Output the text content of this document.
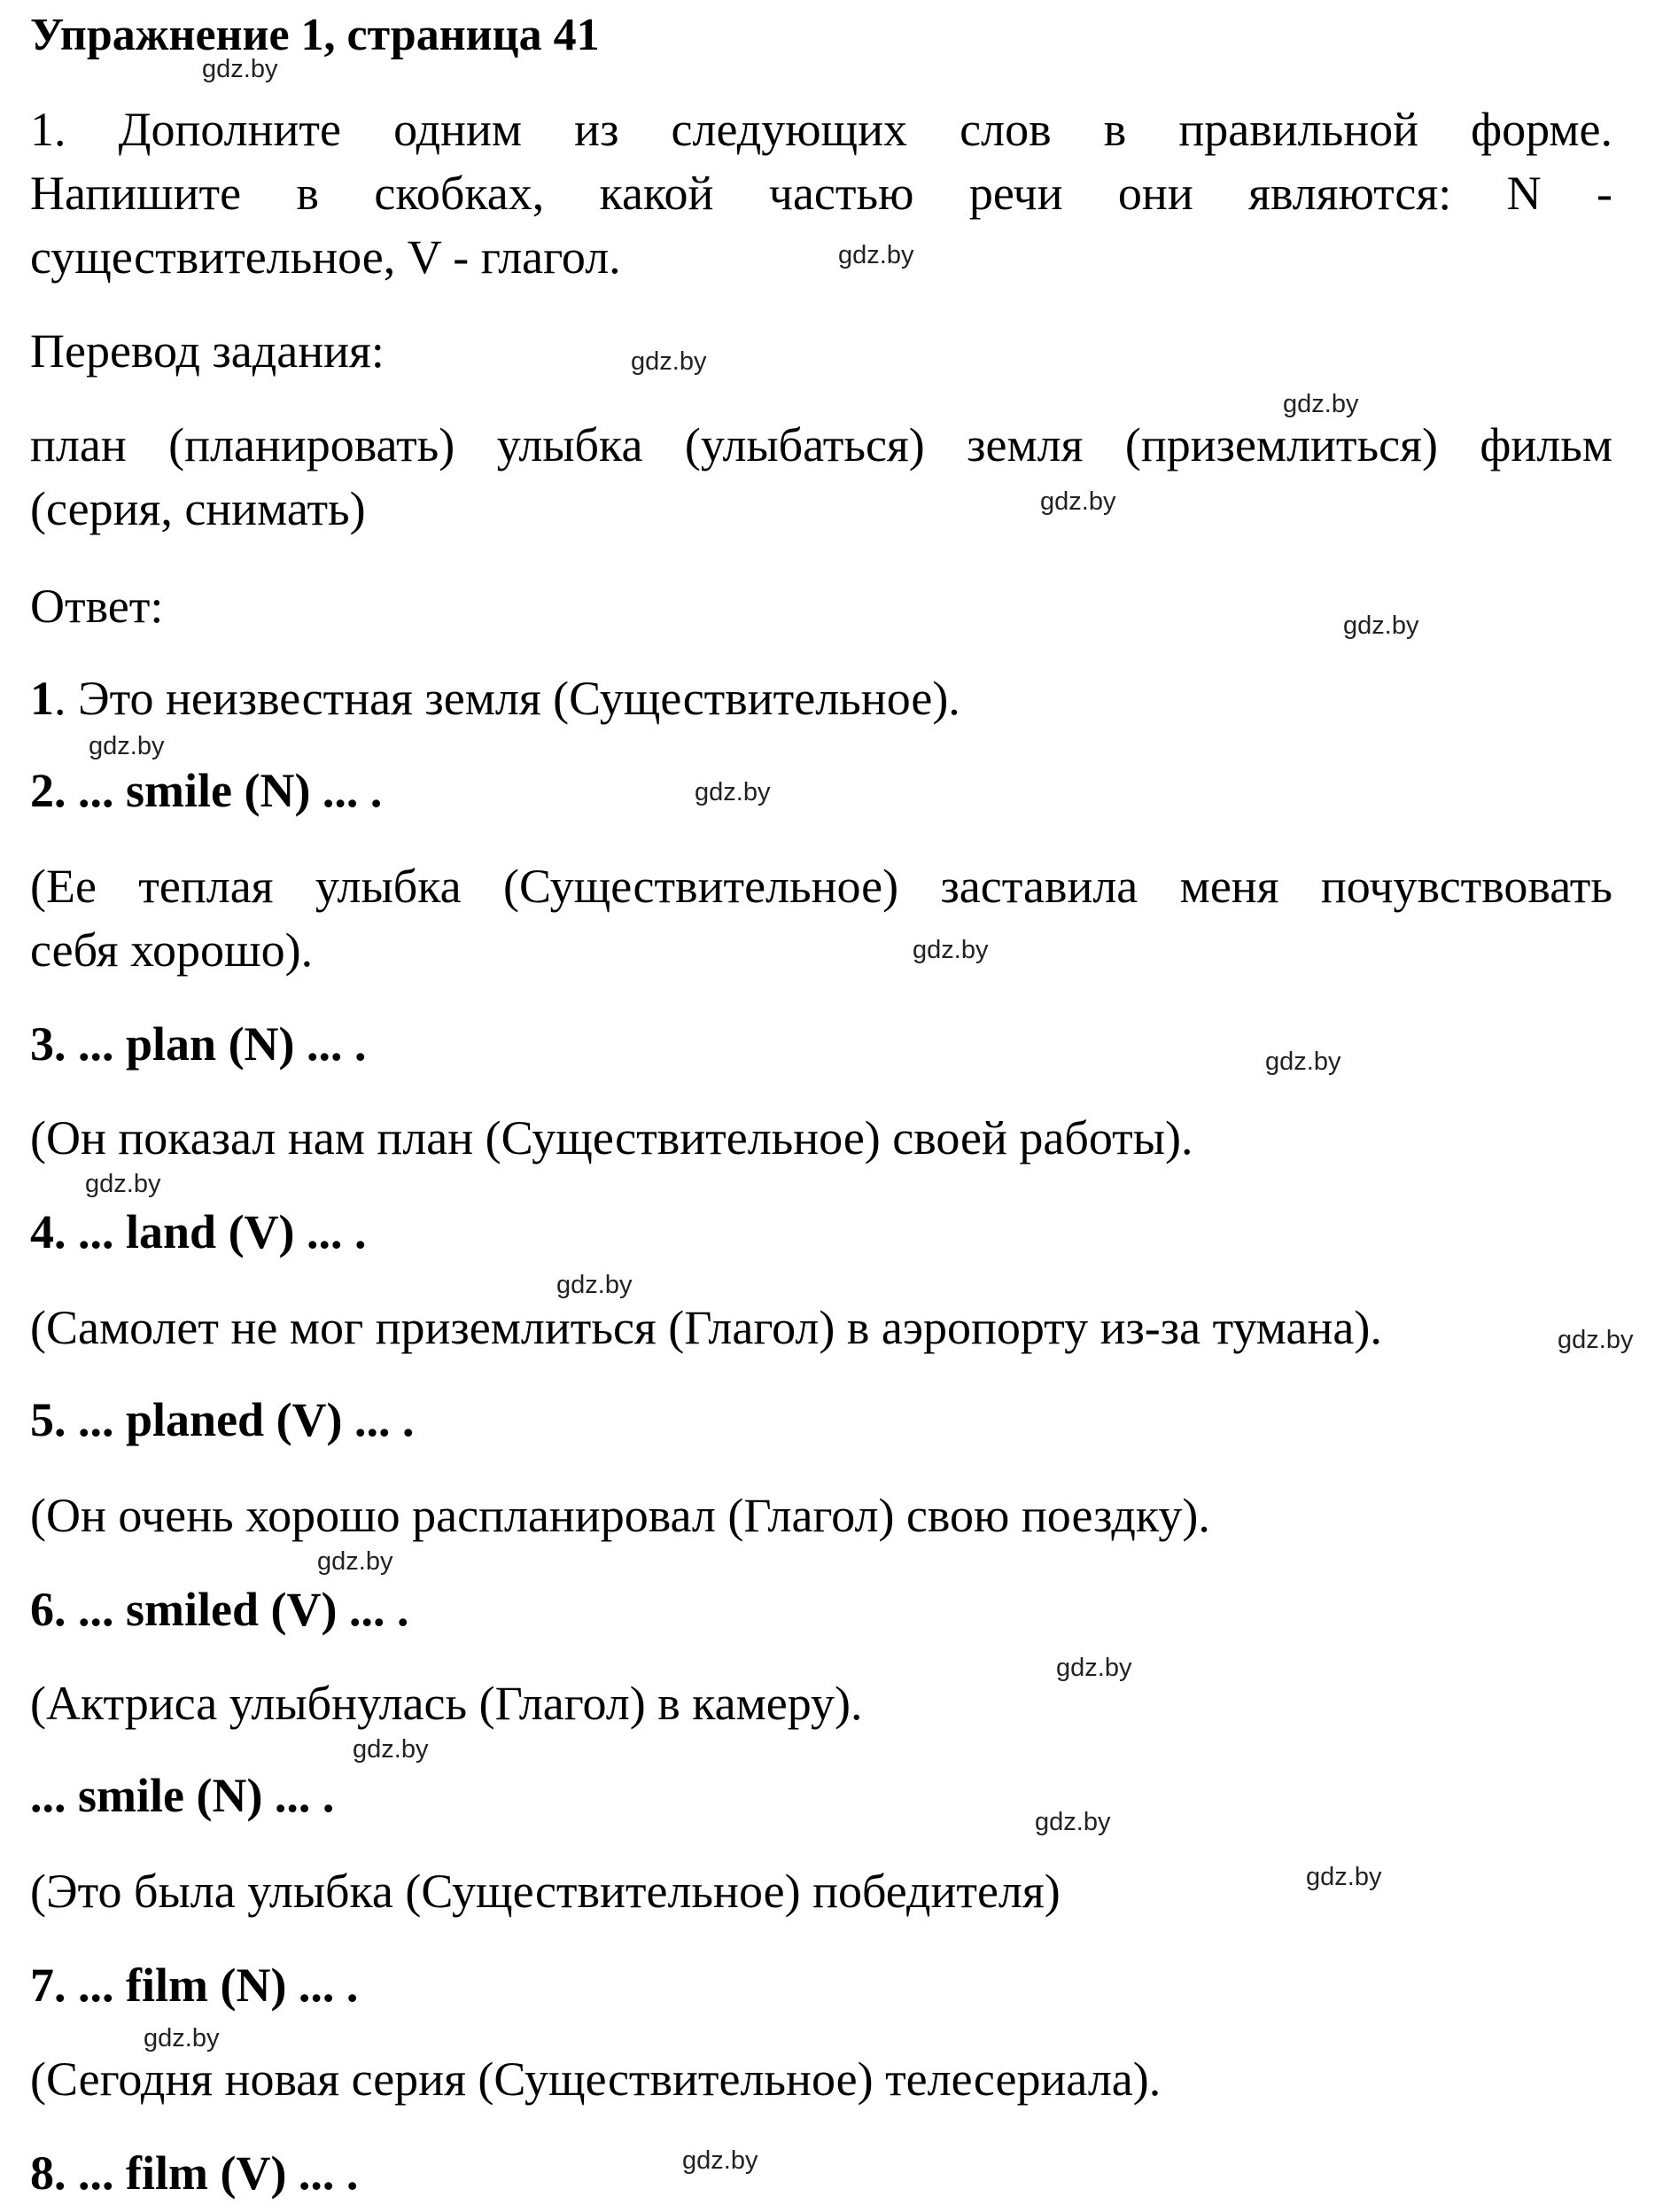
Упражнение 1, страница 41
1. Дополните одним из следующих слов в правильной форме.
Напишите в скобках, какой частью речи они являются: N -
существительное, V - глагол.
Перевод задания:
план (планировать) улыбка (улыбаться) земля (приземлиться) фильм
(серия, снимать)
Ответ:
1. Это неизвестная земля (Существительное).
2. ... smile (N) ... .
(Ее теплая улыбка (Существительное) заставила меня почувствовать
себя хорошо).
3. ... plan (N) ... .
(Он показал нам план (Существительное) своей работы).
4. ... land (V) ... .
(Самолет не мог приземлиться (Глагол) в аэропорту из-за тумана).
5. ... planed (V) ... .
(Он очень хорошо распланировал (Глагол) свою поездку).
6. ... smiled (V) ... .
(Актриса улыбнулась (Глагол) в камеру).
... smile (N) ... .
(Это была улыбка (Существительное) победителя)
7. ... film (N) ... .
(Сегодня новая серия (Существительное) телесериала).
8. ... film (V) ... .
gdz.by
gdz.by
gdz.by
gdz.by
gdz.by
gdz.by
gdz.by
gdz.by
gdz.by
gdz.by
gdz.by
gdz.by
gdz.by
gdz.by
gdz.by
gdz.by
gdz.by
gdz.by
gdz.by
gdz.by
